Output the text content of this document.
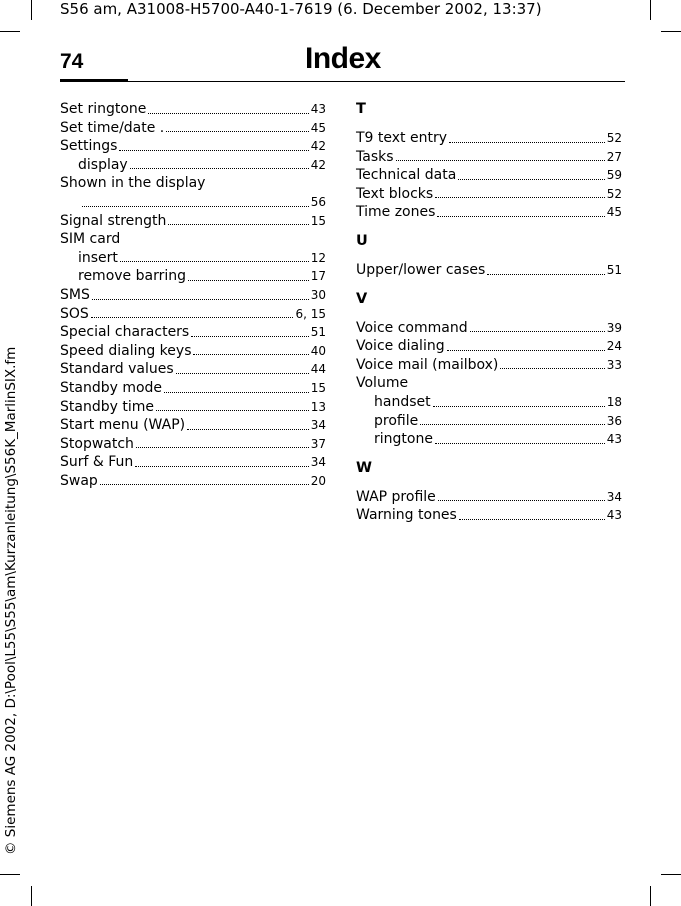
S56 am, A31008-H5700-A40-1-7619 (6. December 2002, 13:37)
© Siemens AG 2002, D:\Pool\L55\S55\am\Kurzanleitung\S56K_MarlinSIX.fm
74	Index
Set ringtone	43
Set time/date .	45
Settings	42
display	42
Shown in the display
56
Signal strength	15
SIM card
insert	12
remove barring	17
SMS	30
SOS	6, 15
Special characters	51
Speed dialing keys	40
Standard values	44
Standby mode	15
Standby time	13
Start menu (WAP)	34
Stopwatch	37
Surf & Fun	34
Swap	20
T
T9 text entry	52
Tasks	27
Technical data	59
Text blocks	52
Time zones	45
U
Upper/lower cases	51
V
Voice command	39
Voice dialing	24
Voice mail (mailbox)	33
Volume
handset	18
profile	36
ringtone	43
W
WAP profile	34
Warning tones	43
